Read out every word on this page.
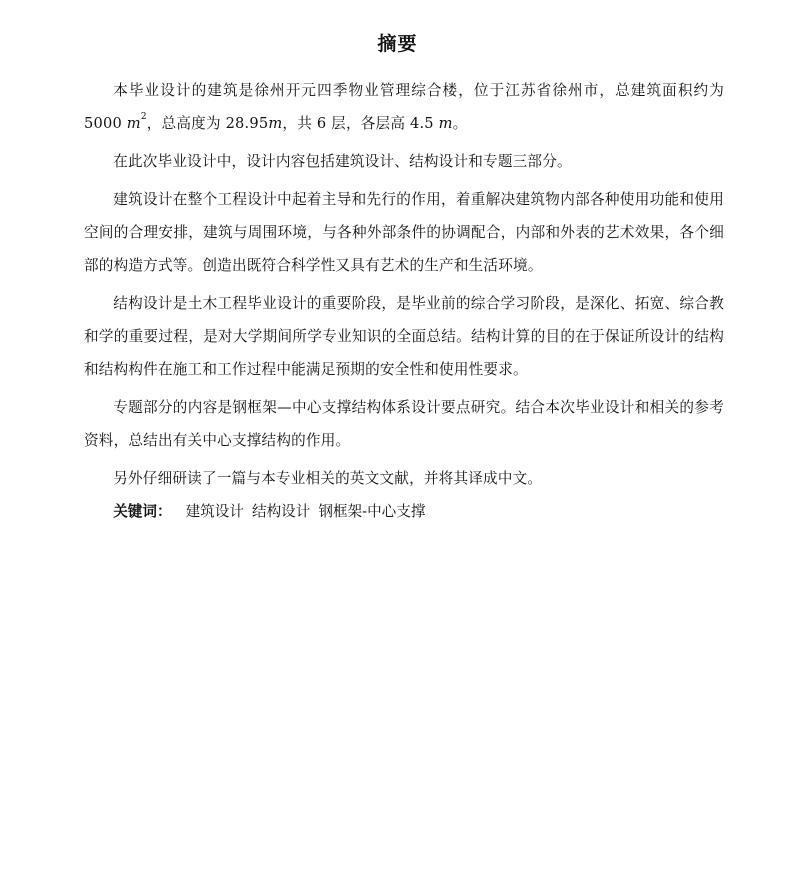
摘要

本毕业设计的建筑是徐州开元四季物业管理综合楼，位于江苏省徐州市，总建筑面积约为 5000 $m^2$，总高度为 28.95m，共 6 层，各层高 4.5 m。

在此次毕业设计中，设计内容包括建筑设计、结构设计和专题三部分。

建筑设计在整个工程设计中起着主导和先行的作用，着重解决建筑物内部各种使用功能和使用空间的合理安排，建筑与周围环境，与各种外部条件的协调配合，内部和外表的艺术效果，各个细部的构造方式等。创造出既符合科学性又具有艺术的生产和生活环境。

结构设计是土木工程毕业设计的重要阶段，是毕业前的综合学习阶段，是深化、拓宽、综合教和学的重要过程，是对大学期间所学专业知识的全面总结。结构计算的目的在于保证所设计的结构和结构构件在施工和工作过程中能满足预期的安全性和使用性要求。

专题部分的内容是钢框架—中心支撑结构体系设计要点研究。结合本次毕业设计和相关的参考资料，总结出有关中心支撑结构的作用。

另外仔细研读了一篇与本专业相关的英文文献，并将其译成中文。

关键词： 建筑设计 结构设计 钢框架-中心支撑
